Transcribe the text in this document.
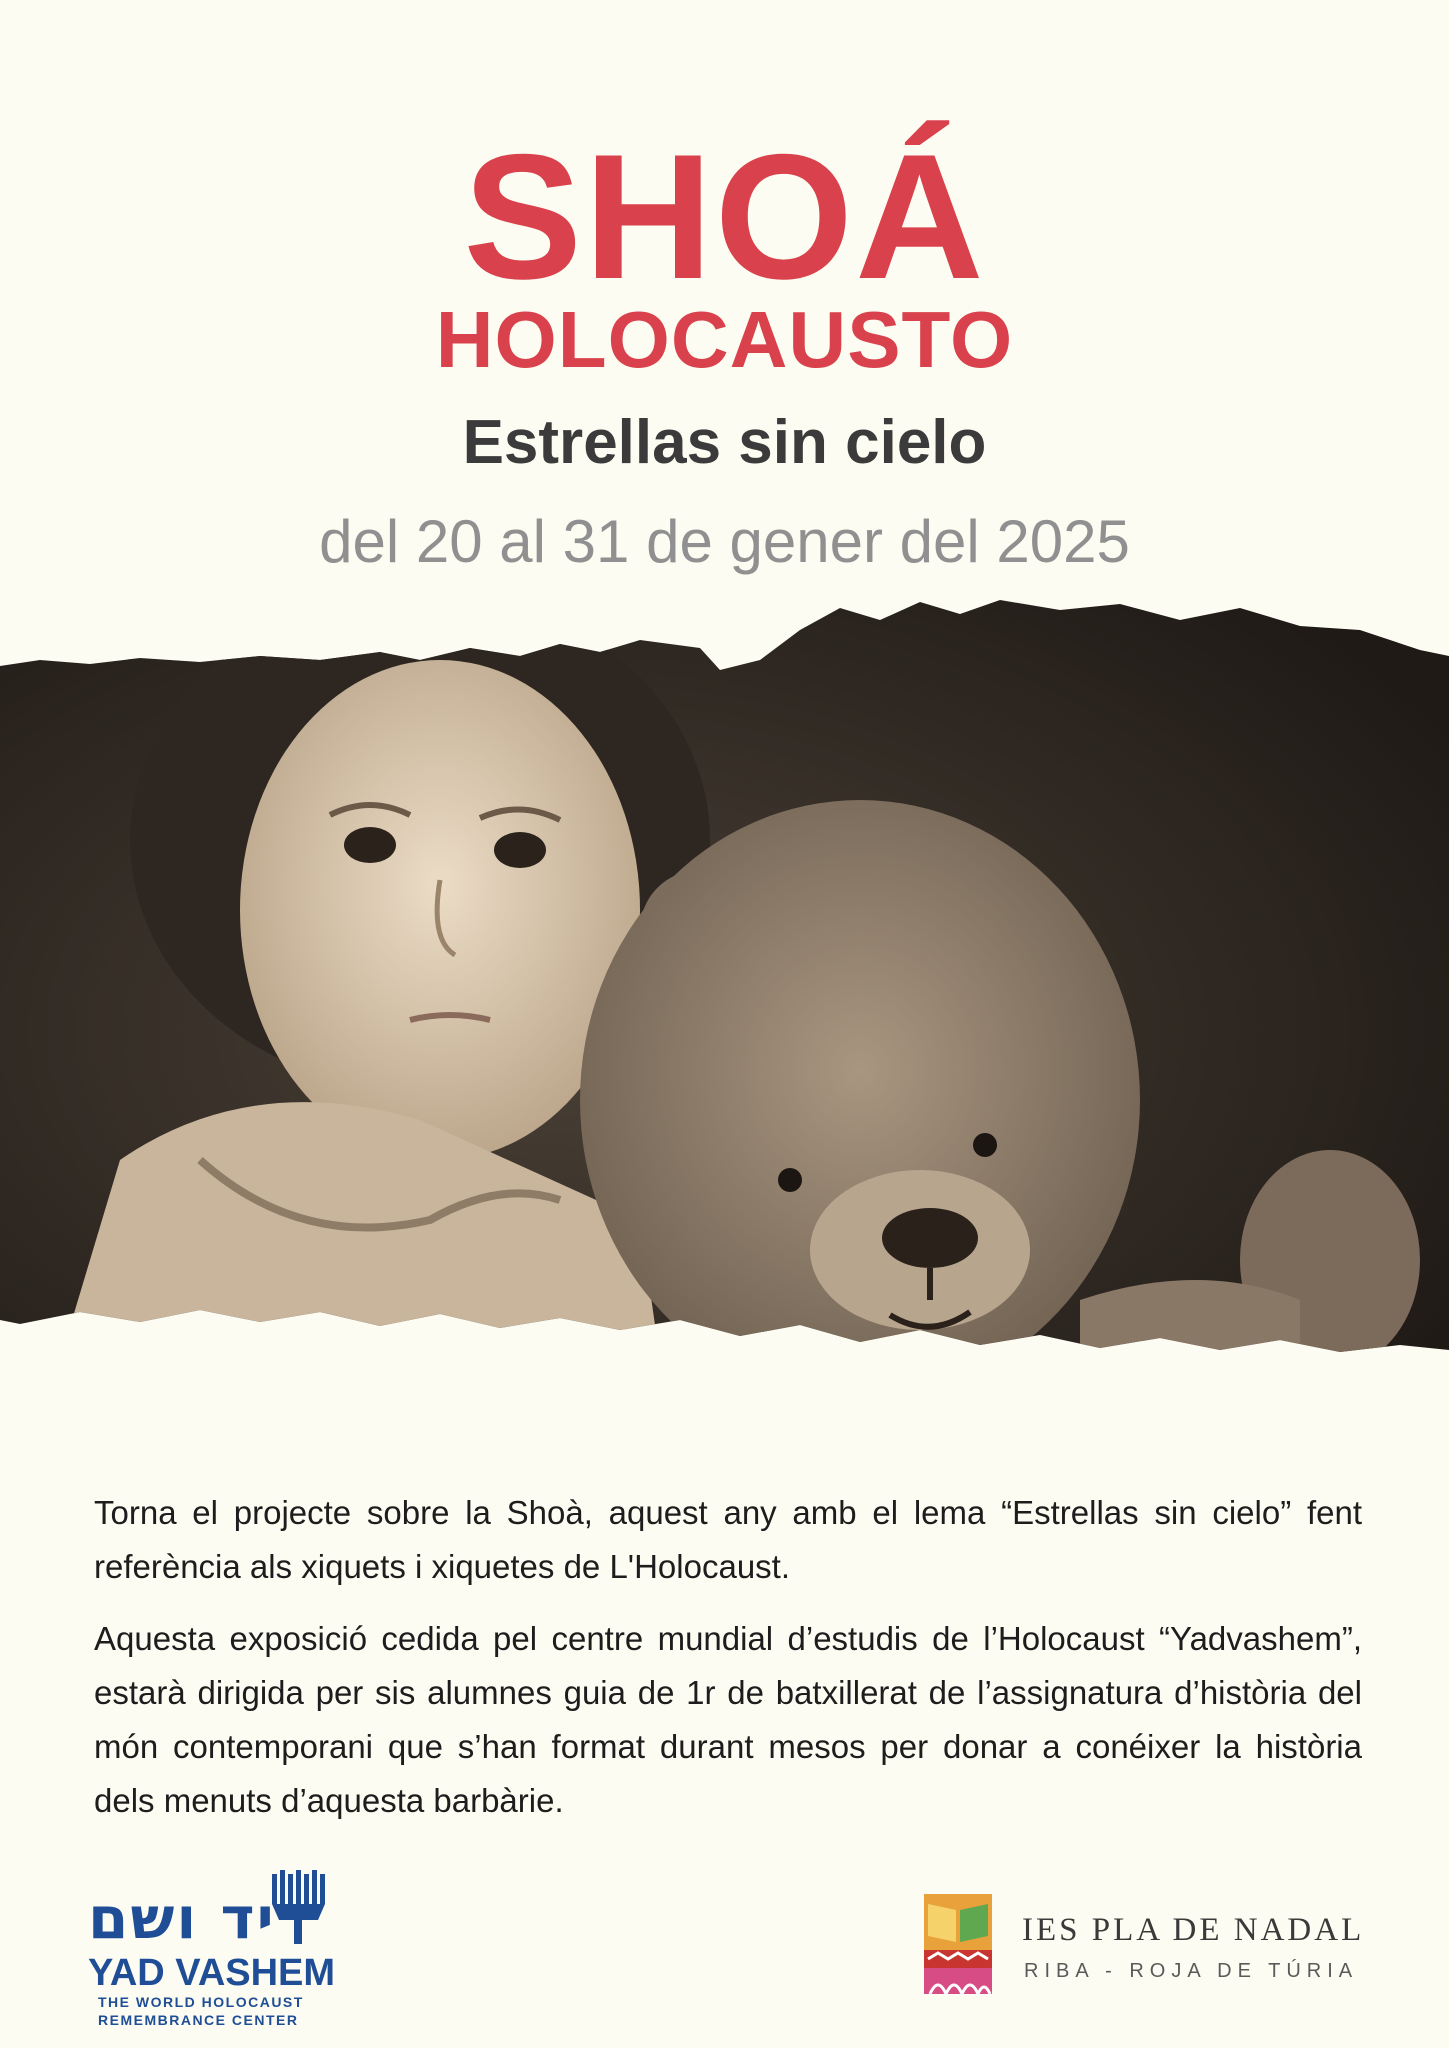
SHOÁ
HOLOCAUSTO
Estrellas sin cielo
del 20 al 31 de gener del 2025
Torna el projecte sobre la Shoà, aquest any amb el lema “Estrellas sin cielo” fent referència als xiquets i xiquetes de L'Holocaust.
Aquesta exposició cedida pel centre mundial d’estudis de l’Holocaust “Yadvashem”, estarà dirigida per sis alumnes guia de 1r de batxillerat de l’assignatura d’història del món contemporani que s’han format durant mesos per donar a conéixer la història dels menuts d’aquesta barbàrie.
יד ושם
YAD VASHEM
THE WORLD HOLOCAUST
REMEMBRANCE CENTER
IES PLA DE NADAL
RIBA - ROJA DE TÚRIA
